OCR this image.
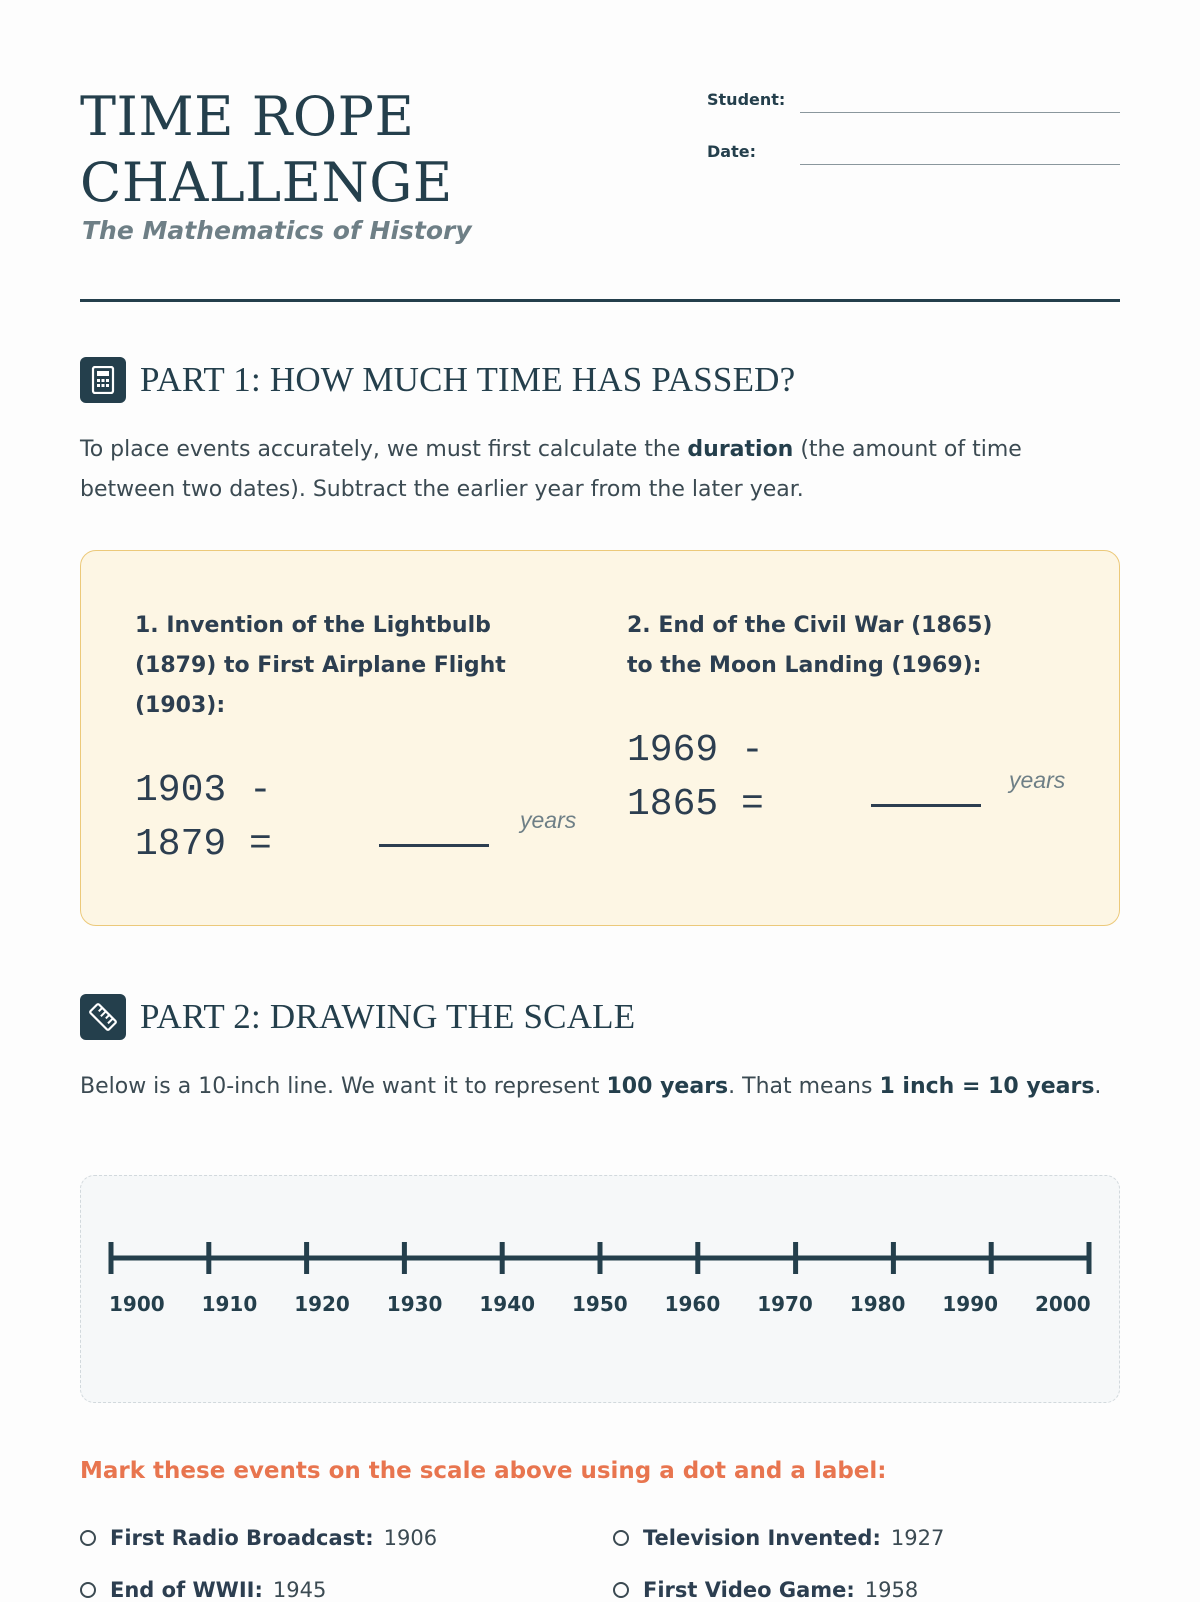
TIME ROPE
CHALLENGE

The Mathematics of History

Student:
Date:
PART 1: HOW MUCH TIME HAS PASSED?

To place events accurately, we must first calculate the duration (the amount of time between two dates). Subtract the earlier year from the later year.

1. Invention of the Lightbulb (1879) to First Airplane Flight (1903):

1903 -
1879 =
years

2. End of the Civil War (1865) to the Moon Landing (1969):

1969 -
1865 =
years
PART 2: DRAWING THE SCALE

Below is a 10-inch line. We want it to represent 100 years. That means 1 inch = 10 years.

1900 1910 1920 1930 1940 1950 1960 1970 1980 1990 2000

Mark these events on the scale above using a dot and a label:

First Radio Broadcast: 1906	Television Invented: 1927
End of WWII: 1945	First Video Game: 1958
